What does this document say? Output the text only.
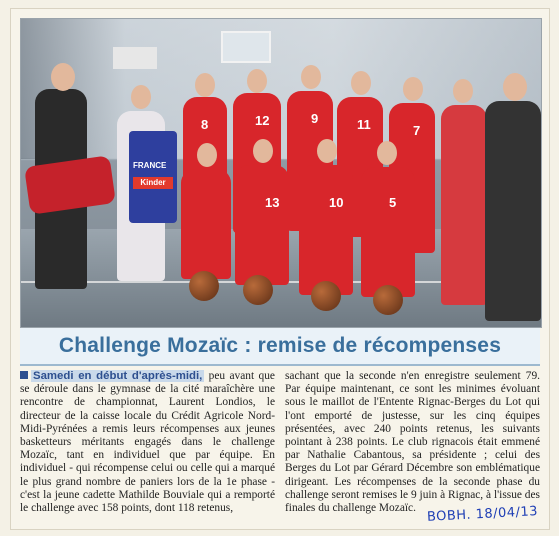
FRANCE
Kinder
8	12	9	11	7
13	10	5
Challenge Mozaïc : remise de récompenses

Samedi en début d'après-midi, peu avant que se déroule dans le gymnase de la cité maraîchère une rencontre de championnat, Laurent Londios, le directeur de la caisse locale du Crédit Agricole Nord-Midi-Pyrénées a remis leurs récompenses aux jeunes basketteurs méritants engagés dans le challenge Mozaïc, tant en individuel que par équipe. En individuel - qui récompense celui ou celle qui a marqué le plus grand nombre de paniers lors de la 1e phase - c'est la jeune cadette Mathilde Bouviale qui a remporté le challenge avec 158 points, dont 118 retenus,

sachant que la seconde n'en enregistre seulement 79. Par équipe maintenant, ce sont les minimes évoluant sous le maillot de l'Entente Rignac-Berges du Lot qui l'ont emporté de justesse, sur les cinq équipes présentées, avec 240 points retenus, les suivants pointant à 238 points. Le club rignacois était emmené par Nathalie Cabantous, sa présidente ; celui des Berges du Lot par Gérard Décembre son emblématique dirigeant. Les récompenses de la seconde phase du challenge seront remises le 9 juin à Rignac, à l'issue des finales du challenge Mozaïc. BOBH. 18/04/13
